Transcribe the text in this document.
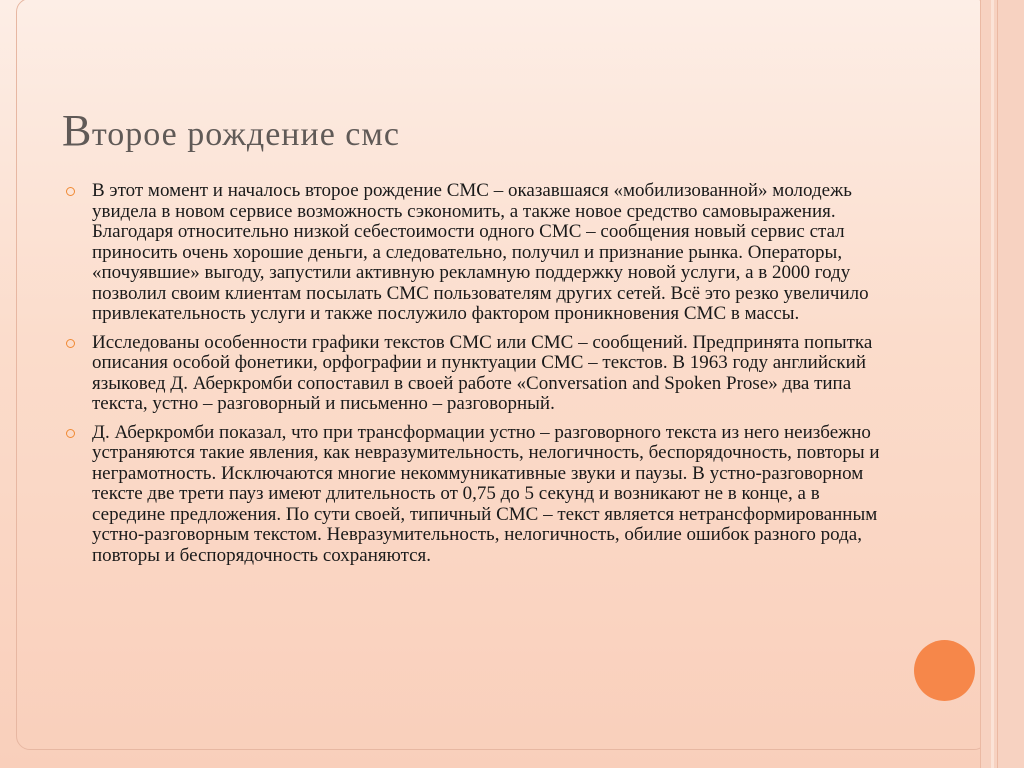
Второе рождение смс
В этот момент и началось второе рождение СМС – оказавшаяся «мобилизованной» молодежь увидела в новом сервисе возможность сэкономить, а также новое средство самовыражения. Благодаря относительно низкой себестоимости одного СМС – сообщения новый сервис стал приносить очень хорошие деньги, а следовательно, получил и признание рынка. Операторы, «почуявшие» выгоду, запустили активную рекламную поддержку новой услуги, а в 2000 году позволил своим клиентам посылать СМС пользователям других сетей. Всё это резко увеличило привлекательность услуги и также послужило фактором проникновения СМС в массы.
Исследованы особенности графики текстов СМС или СМС – сообщений. Предпринята попытка описания особой фонетики, орфографии и пунктуации СМС – текстов. В 1963 году английский языковед Д. Аберкромби сопоставил в своей работе «Conversation and Spoken Prose» два типа текста, устно – разговорный и письменно – разговорный.
Д. Аберкромби показал, что при трансформации устно – разговорного текста из него неизбежно устраняются такие явления, как невразумительность, нелогичность, беспорядочность, повторы и неграмотность. Исключаются многие некоммуникативные звуки и паузы. В устно-разговорном тексте две трети пауз имеют длительность от 0,75 до 5 секунд и возникают не в конце, а в середине предложения. По сути своей, типичный СМС – текст является нетрансформированным устно-разговорным текстом. Невразумительность, нелогичность, обилие ошибок разного рода, повторы и беспорядочность сохраняются.
